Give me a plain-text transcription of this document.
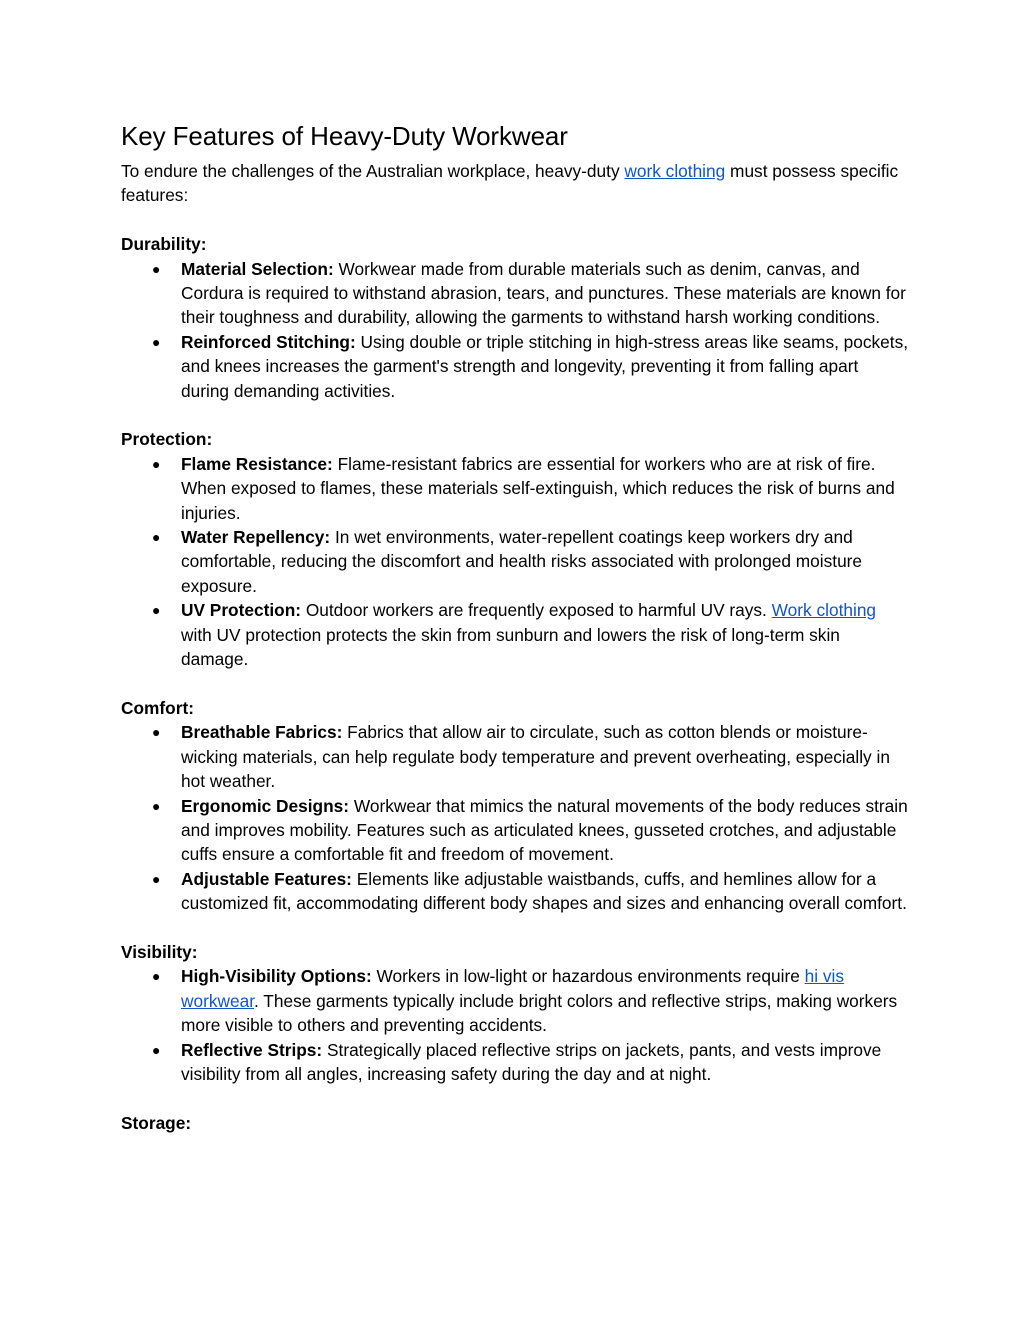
Key Features of Heavy-Duty Workwear

To endure the challenges of the Australian workplace, heavy-duty work clothing must possess specific features:

Durability:
● Material Selection: Workwear made from durable materials such as denim, canvas, and Cordura is required to withstand abrasion, tears, and punctures. These materials are known for their toughness and durability, allowing the garments to withstand harsh working conditions.
● Reinforced Stitching: Using double or triple stitching in high-stress areas like seams, pockets, and knees increases the garment's strength and longevity, preventing it from falling apart during demanding activities.
Protection:
● Flame Resistance: Flame-resistant fabrics are essential for workers who are at risk of fire. When exposed to flames, these materials self-extinguish, which reduces the risk of burns and injuries.
● Water Repellency: In wet environments, water-repellent coatings keep workers dry and comfortable, reducing the discomfort and health risks associated with prolonged moisture exposure.
● UV Protection: Outdoor workers are frequently exposed to harmful UV rays. Work clothing with UV protection protects the skin from sunburn and lowers the risk of long-term skin damage.
Comfort:
● Breathable Fabrics: Fabrics that allow air to circulate, such as cotton blends or moisture-wicking materials, can help regulate body temperature and prevent overheating, especially in hot weather.
● Ergonomic Designs: Workwear that mimics the natural movements of the body reduces strain and improves mobility. Features such as articulated knees, gusseted crotches, and adjustable cuffs ensure a comfortable fit and freedom of movement.
● Adjustable Features: Elements like adjustable waistbands, cuffs, and hemlines allow for a customized fit, accommodating different body shapes and sizes and enhancing overall comfort.
Visibility:
● High-Visibility Options: Workers in low-light or hazardous environments require hi vis workwear. These garments typically include bright colors and reflective strips, making workers more visible to others and preventing accidents.
● Reflective Strips: Strategically placed reflective strips on jackets, pants, and vests improve visibility from all angles, increasing safety during the day and at night.
Storage:
